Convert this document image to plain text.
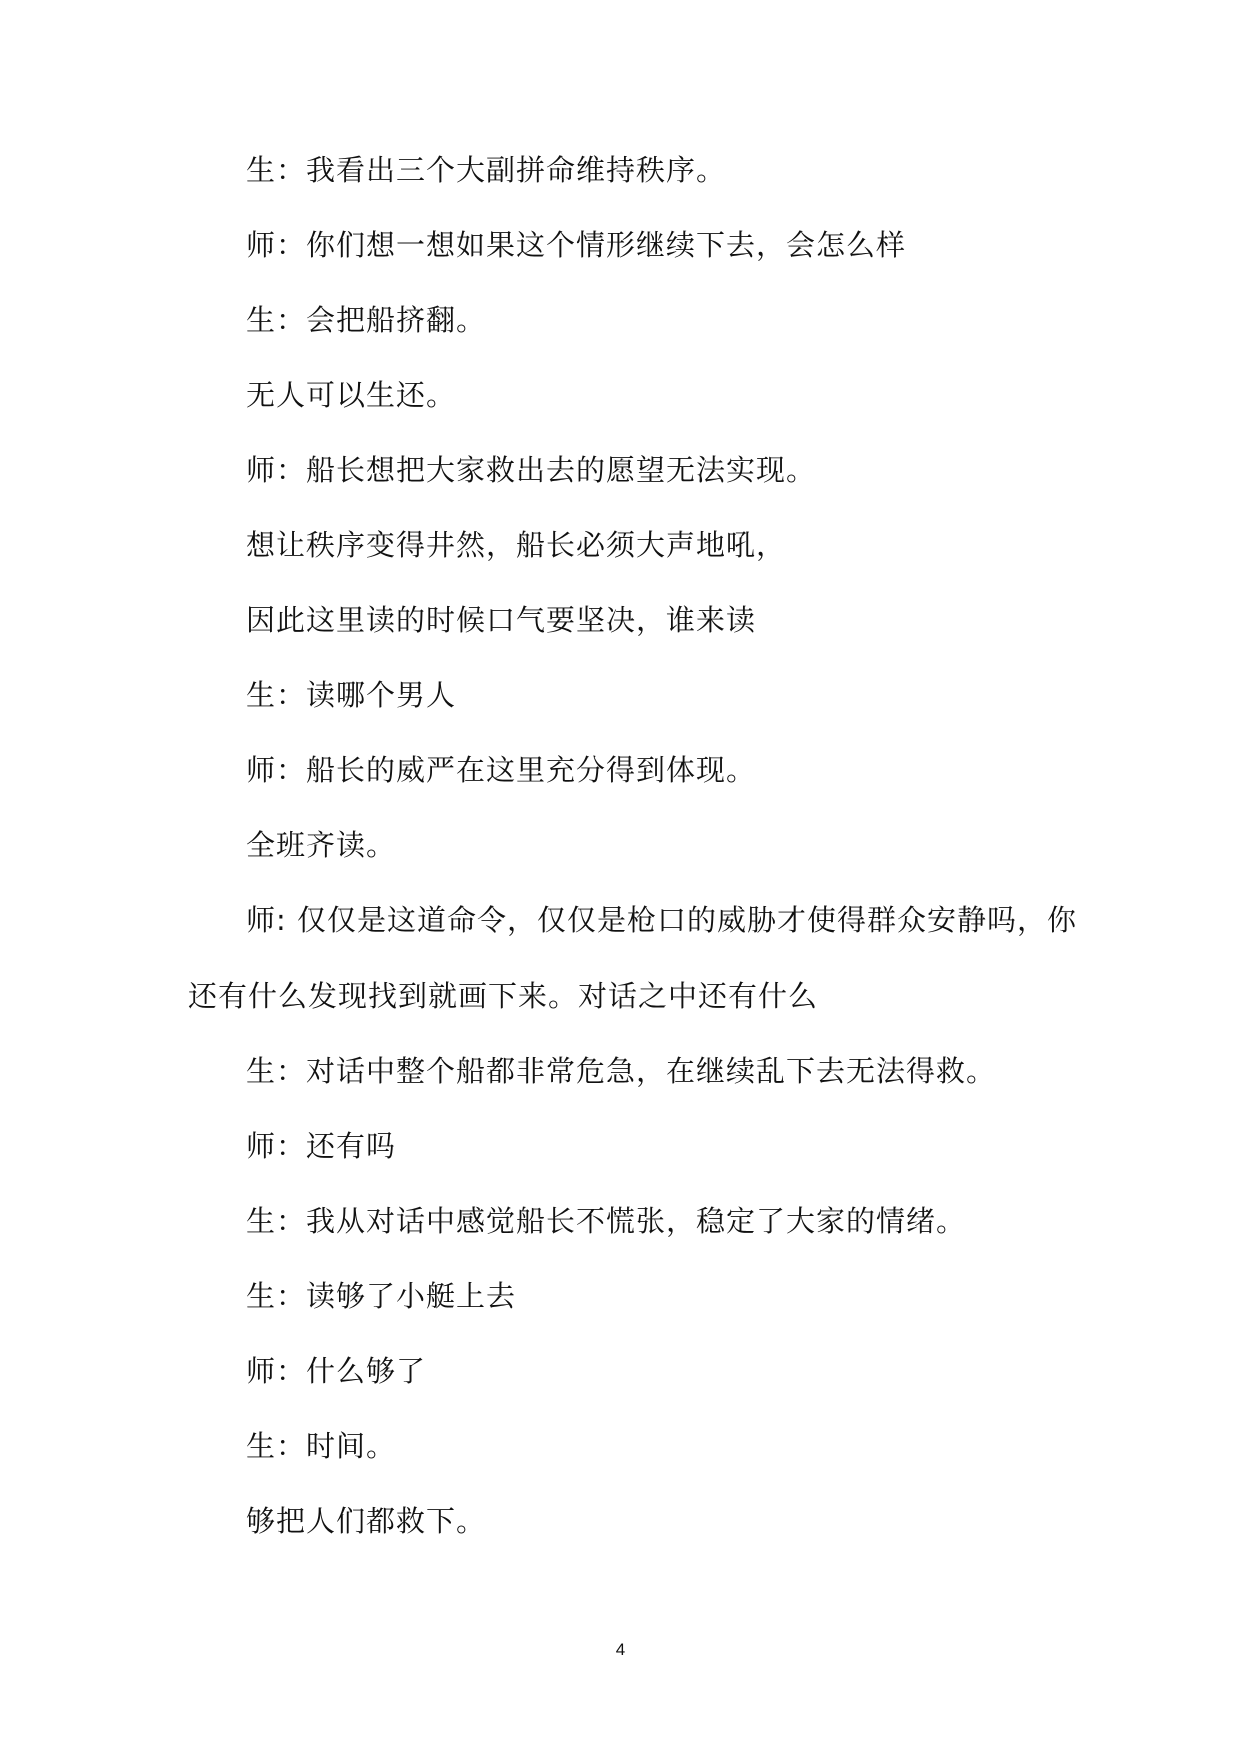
生：我看出三个大副拼命维持秩序。

师：你们想一想如果这个情形继续下去，会怎么样

生：会把船挤翻。

无人可以生还。

师：船长想把大家救出去的愿望无法实现。

想让秩序变得井然，船长必须大声地吼，

因此这里读的时候口气要坚决，谁来读

生：读哪个男人

师：船长的威严在这里充分得到体现。

全班齐读。

师: 仅仅是这道命令，仅仅是枪口的威胁才使得群众安静吗，你

还有什么发现找到就画下来。对话之中还有什么

生：对话中整个船都非常危急，在继续乱下去无法得救。

师：还有吗

生：我从对话中感觉船长不慌张，稳定了大家的情绪。

生：读够了小艇上去

师：什么够了

生：时间。

够把人们都救下。

4
